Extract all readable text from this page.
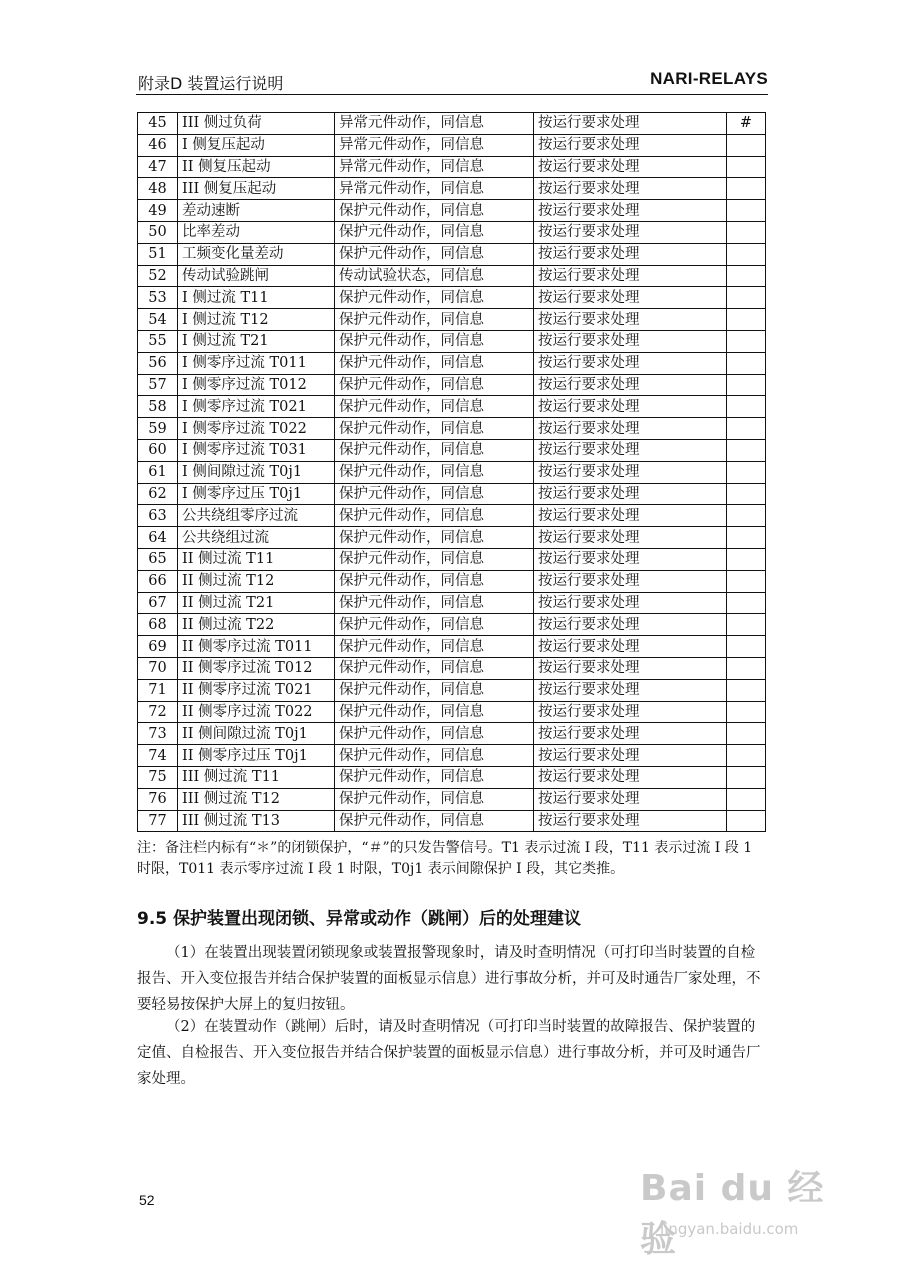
附录D 装置运行说明	NARI-RELAYS
45	III 侧过负荷	异常元件动作，同信息	按运行要求处理	#
46	I 侧复压起动	异常元件动作，同信息	按运行要求处理	
47	II 侧复压起动	异常元件动作，同信息	按运行要求处理	
48	III 侧复压起动	异常元件动作，同信息	按运行要求处理	
49	差动速断	保护元件动作，同信息	按运行要求处理	
50	比率差动	保护元件动作，同信息	按运行要求处理	
51	工频变化量差动	保护元件动作，同信息	按运行要求处理	
52	传动试验跳闸	传动试验状态，同信息	按运行要求处理	
53	I 侧过流 T11	保护元件动作，同信息	按运行要求处理	
54	I 侧过流 T12	保护元件动作，同信息	按运行要求处理	
55	I 侧过流 T21	保护元件动作，同信息	按运行要求处理	
56	I 侧零序过流 T011	保护元件动作，同信息	按运行要求处理	
57	I 侧零序过流 T012	保护元件动作，同信息	按运行要求处理	
58	I 侧零序过流 T021	保护元件动作，同信息	按运行要求处理	
59	I 侧零序过流 T022	保护元件动作，同信息	按运行要求处理	
60	I 侧零序过流 T031	保护元件动作，同信息	按运行要求处理	
61	I 侧间隙过流 T0j1	保护元件动作，同信息	按运行要求处理	
62	I 侧零序过压 T0j1	保护元件动作，同信息	按运行要求处理	
63	公共绕组零序过流	保护元件动作，同信息	按运行要求处理	
64	公共绕组过流	保护元件动作，同信息	按运行要求处理	
65	II 侧过流 T11	保护元件动作，同信息	按运行要求处理	
66	II 侧过流 T12	保护元件动作，同信息	按运行要求处理	
67	II 侧过流 T21	保护元件动作，同信息	按运行要求处理	
68	II 侧过流 T22	保护元件动作，同信息	按运行要求处理	
69	II 侧零序过流 T011	保护元件动作，同信息	按运行要求处理	
70	II 侧零序过流 T012	保护元件动作，同信息	按运行要求处理	
71	II 侧零序过流 T021	保护元件动作，同信息	按运行要求处理	
72	II 侧零序过流 T022	保护元件动作，同信息	按运行要求处理	
73	II 侧间隙过流 T0j1	保护元件动作，同信息	按运行要求处理	
74	II 侧零序过压 T0j1	保护元件动作，同信息	按运行要求处理	
75	III 侧过流 T11	保护元件动作，同信息	按运行要求处理	
76	III 侧过流 T12	保护元件动作，同信息	按运行要求处理	
77	III 侧过流 T13	保护元件动作，同信息	按运行要求处理	
注：备注栏内标有“＊”的闭锁保护，“＃”的只发告警信号。T1 表示过流 I 段，T11 表示过流 I 段 1 时限，T011 表示零序过流 I 段 1 时限，T0j1 表示间隙保护 I 段，其它类推。
9.5 保护装置出现闭锁、异常或动作（跳闸）后的处理建议
（1）在装置出现装置闭锁现象或装置报警现象时，请及时查明情况（可打印当时装置的自检报告、开入变位报告并结合保护装置的面板显示信息）进行事故分析，并可及时通告厂家处理，不要轻易按保护大屏上的复归按钮。
（2）在装置动作（跳闸）后时，请及时查明情况（可打印当时装置的故障报告、保护装置的定值、自检报告、开入变位报告并结合保护装置的面板显示信息）进行事故分析，并可及时通告厂家处理。
52	Bai du 经验
jingyan.baidu.com
